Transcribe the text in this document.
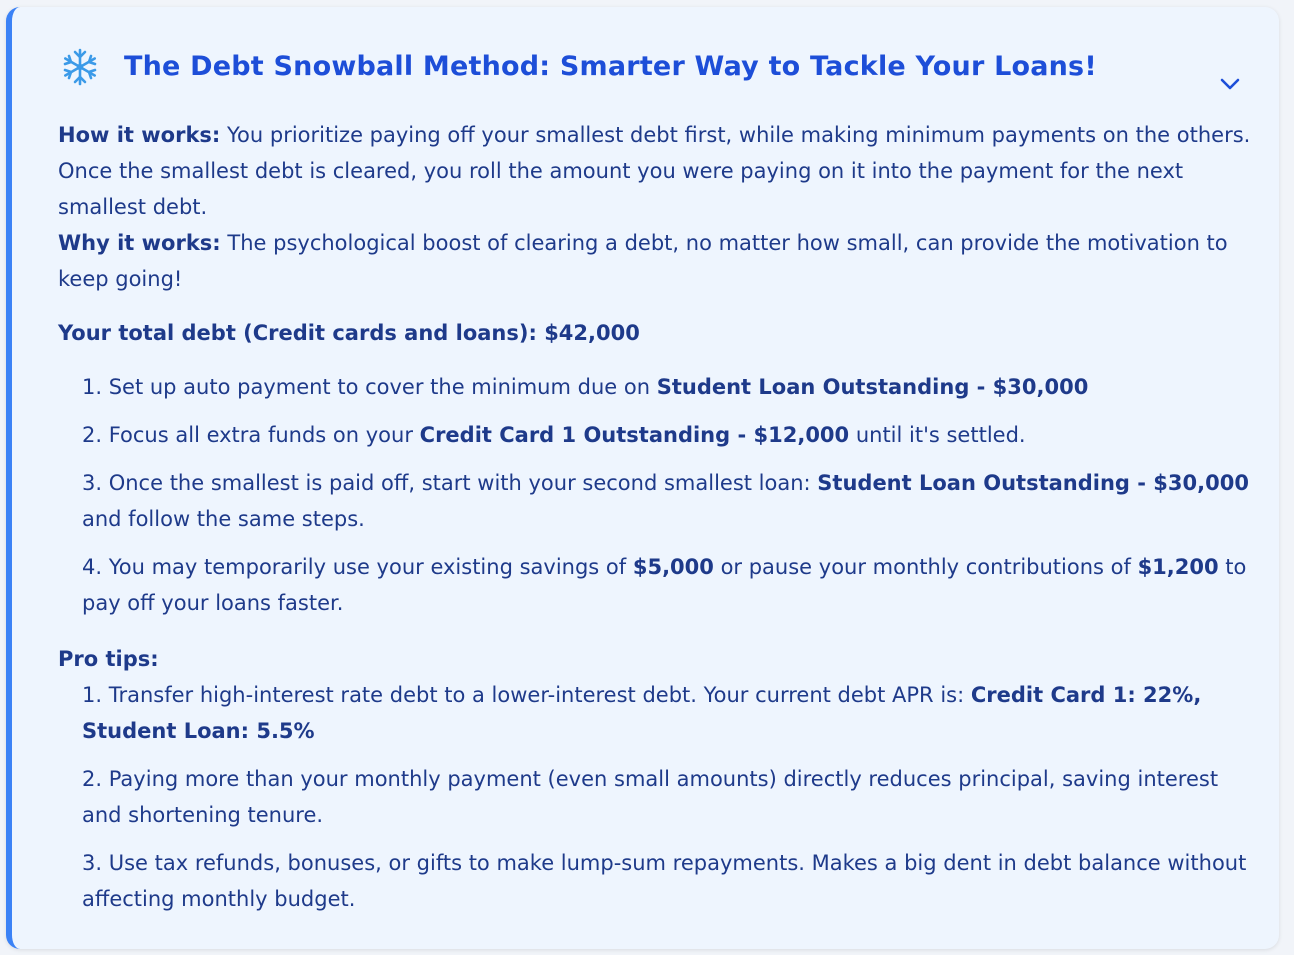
The Debt Snowball Method: Smarter Way to Tackle Your Loans!

How it works: You prioritize paying off your smallest debt first, while making minimum payments on the others. Once the smallest debt is cleared, you roll the amount you were paying on it into the payment for the next smallest debt.

Why it works: The psychological boost of clearing a debt, no matter how small, can provide the motivation to keep going!

Your total debt (Credit cards and loans): $42,000

1. Set up auto payment to cover the minimum due on Student Loan Outstanding - $30,000
2. Focus all extra funds on your Credit Card 1 Outstanding - $12,000 until it's settled.
3. Once the smallest is paid off, start with your second smallest loan: Student Loan Outstanding - $30,000 and follow the same steps.
4. You may temporarily use your existing savings of $5,000 or pause your monthly contributions of $1,200 to pay off your loans faster.

Pro tips:

1. Transfer high-interest rate debt to a lower-interest debt. Your current debt APR is: Credit Card 1: 22%, Student Loan: 5.5%
2. Paying more than your monthly payment (even small amounts) directly reduces principal, saving interest and shortening tenure.
3. Use tax refunds, bonuses, or gifts to make lump-sum repayments. Makes a big dent in debt balance without affecting monthly budget.
